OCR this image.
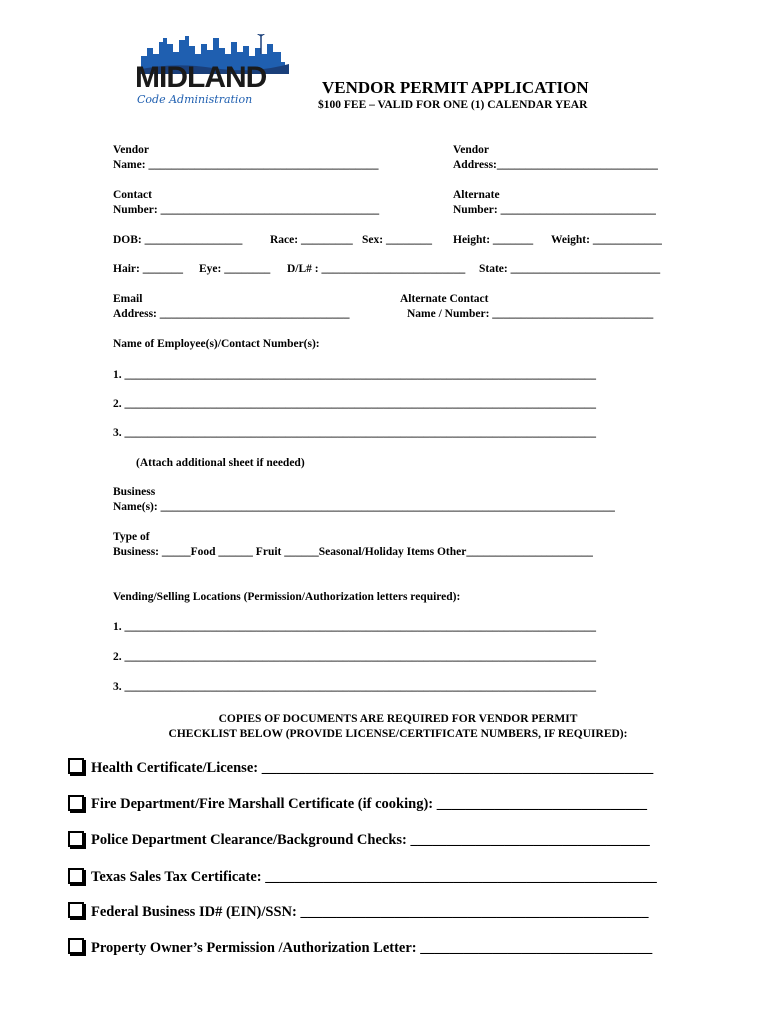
MIDLAND
Code Administration
VENDOR PERMIT APPLICATION
$100 FEE – VALID FOR ONE (1) CALENDAR YEAR
Vendor
Name: ________________________________________
Vendor
Address:____________________________
Contact
Number: ______________________________________
Alternate
Number: ___________________________
DOB: _________________ Race: _________ Sex: ________ Height: _______ Weight: ____________
Hair: _______ Eye: ________ D/L# : _________________________ State: __________________________
Email
Address: _________________________________
Alternate Contact
Name / Number: ____________________________
Name of Employee(s)/Contact Number(s):
1. __________________________________________________________________________________
2. __________________________________________________________________________________
3. __________________________________________________________________________________
(Attach additional sheet if needed)
Business
Name(s): _______________________________________________________________________________
Type of
Business: _____Food ______ Fruit ______Seasonal/Holiday Items Other______________________
Vending/Selling Locations (Permission/Authorization letters required):
1. __________________________________________________________________________________
2. __________________________________________________________________________________
3. __________________________________________________________________________________
COPIES OF DOCUMENTS ARE REQUIRED FOR VENDOR PERMIT
CHECKLIST BELOW (PROVIDE LICENSE/CERTIFICATE NUMBERS, IF REQUIRED):
Health Certificate/License: ______________________________________________________
Fire Department/Fire Marshall Certificate (if cooking): _____________________________
Police Department Clearance/Background Checks: _________________________________
Texas Sales Tax Certificate: ______________________________________________________
Federal Business ID# (EIN)/SSN: ________________________________________________
Property Owner’s Permission /Authorization Letter: ________________________________
